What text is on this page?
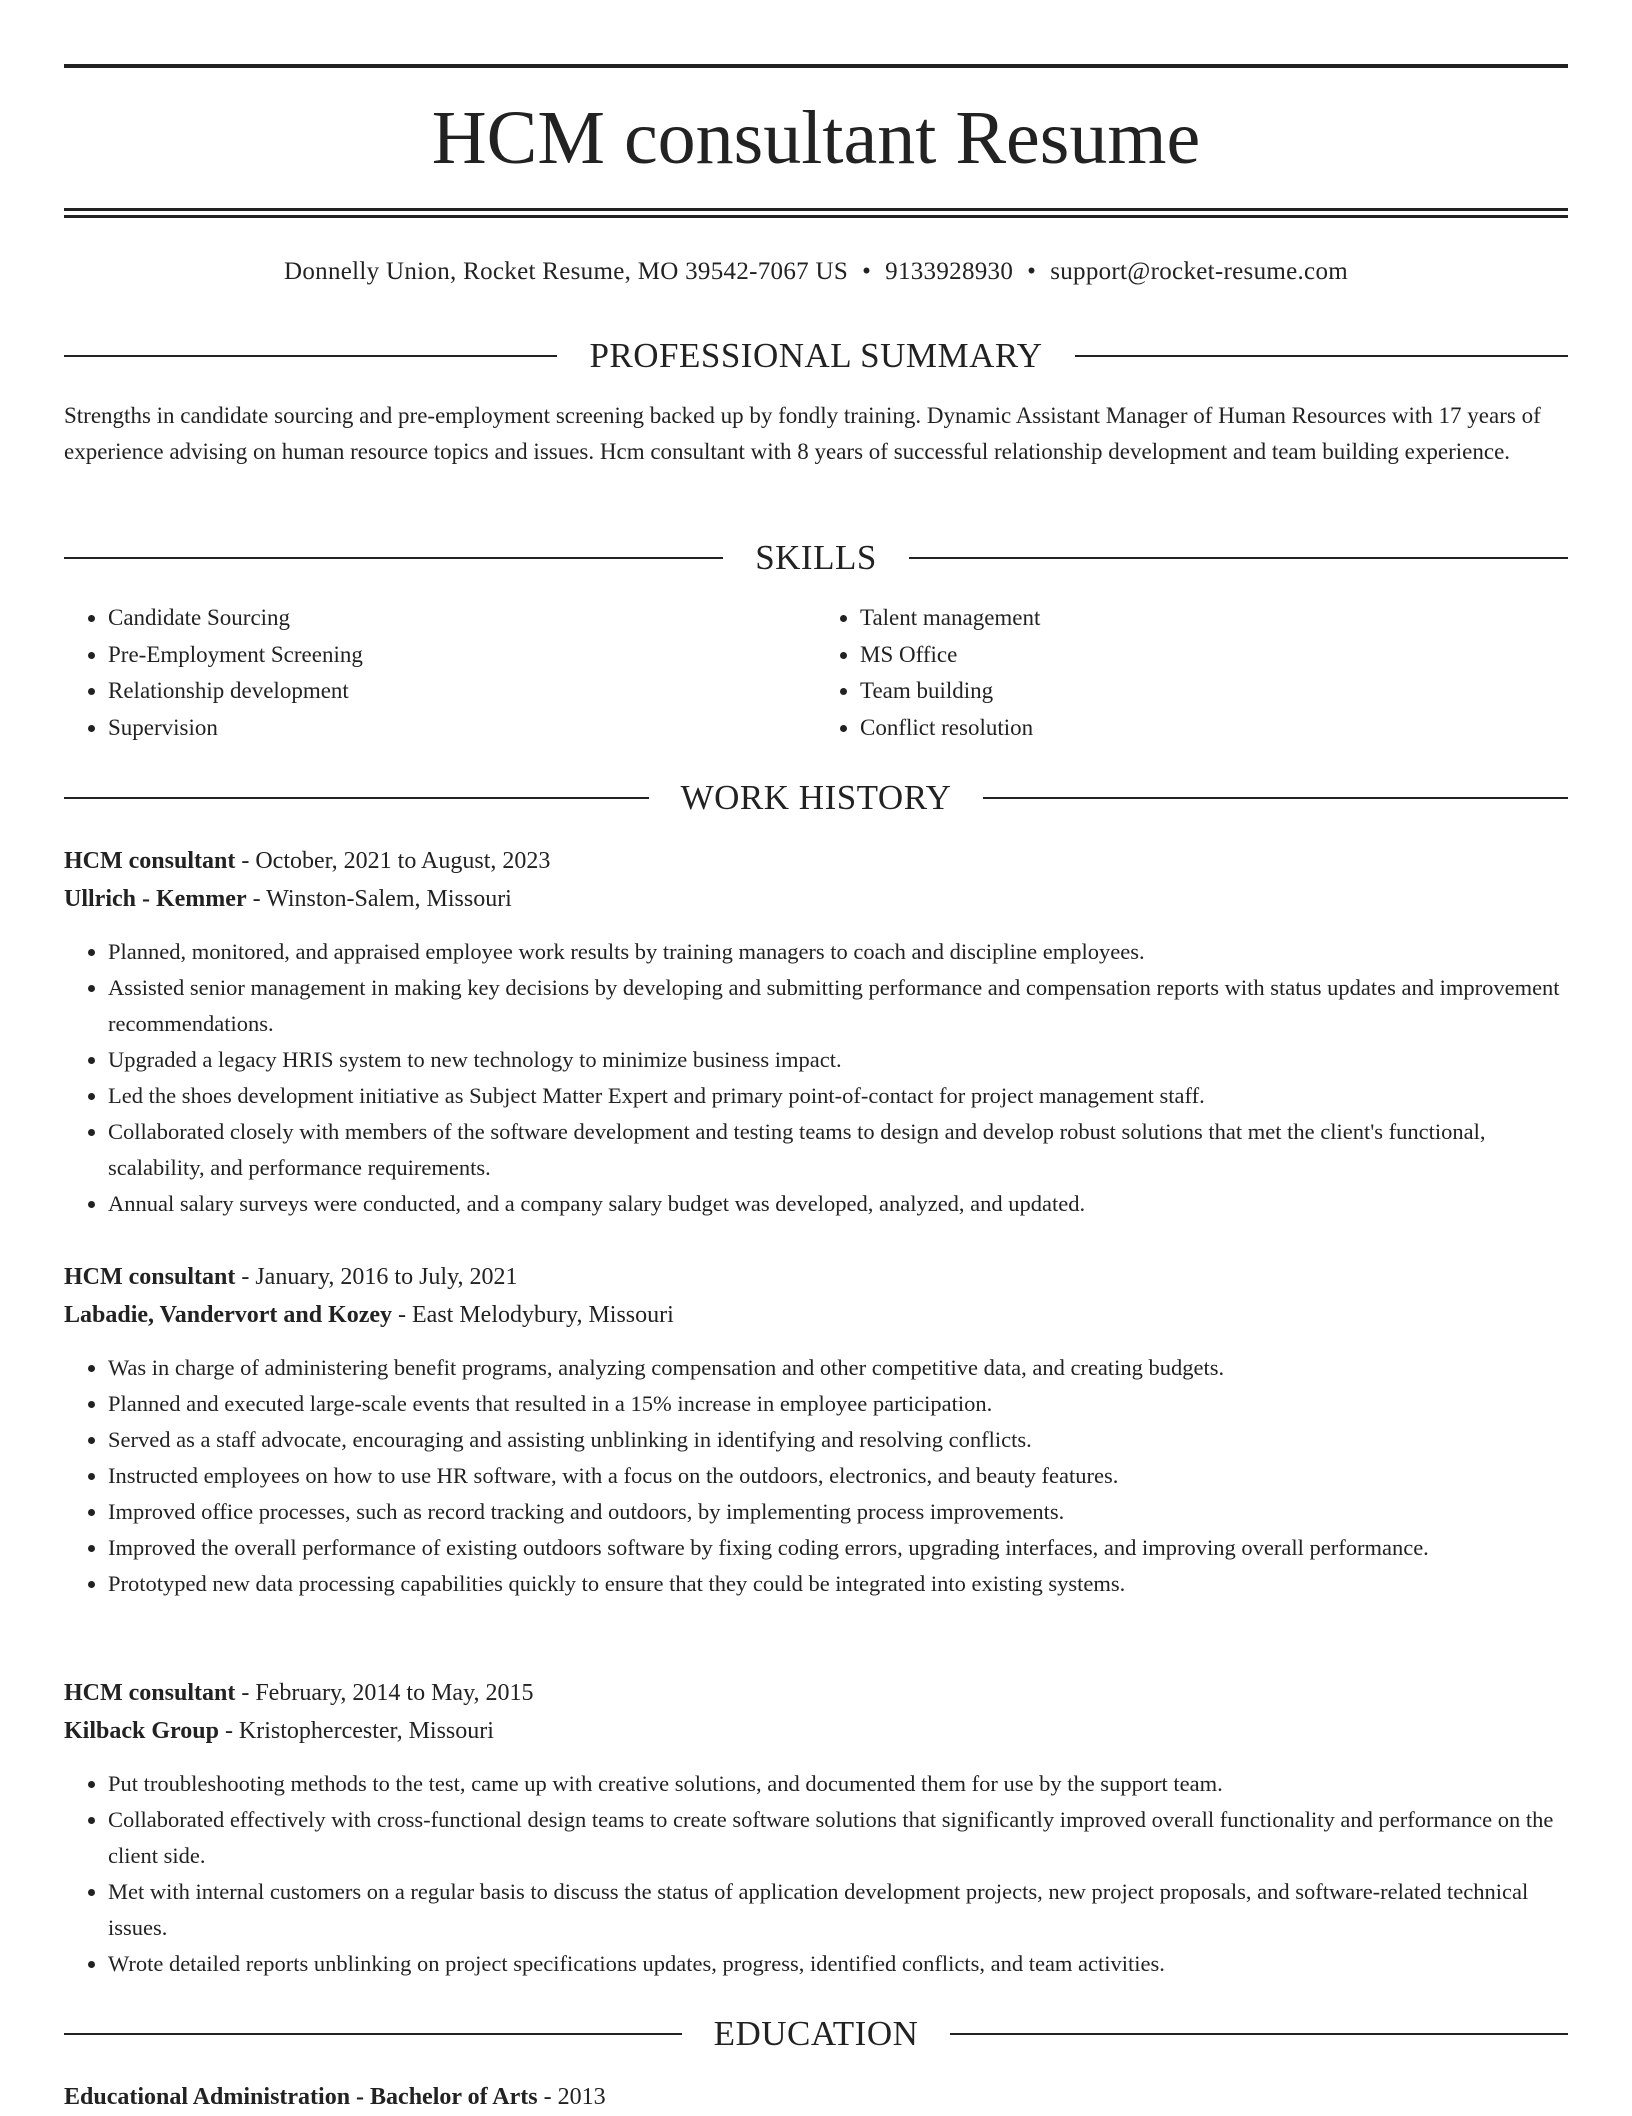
HCM consultant Resume
Donnelly Union, Rocket Resume, MO 39542-7067 US • 9133928930 • support@rocket-resume.com
PROFESSIONAL SUMMARY

Strengths in candidate sourcing and pre-employment screening backed up by fondly training. Dynamic Assistant Manager of Human Resources with 17 years of experience advising on human resource topics and issues. Hcm consultant with 8 years of successful relationship development and team building experience.

SKILLS
• Candidate Sourcing
• Pre-Employment Screening
• Relationship development
• Supervision
• Talent management
• MS Office
• Team building
• Conflict resolution
WORK HISTORY
HCM consultant - October, 2021 to August, 2023
Ullrich - Kemmer - Winston-Salem, Missouri
• Planned, monitored, and appraised employee work results by training managers to coach and discipline employees.
• Assisted senior management in making key decisions by developing and submitting performance and compensation reports with status updates and improvement recommendations.
• Upgraded a legacy HRIS system to new technology to minimize business impact.
• Led the shoes development initiative as Subject Matter Expert and primary point-of-contact for project management staff.
• Collaborated closely with members of the software development and testing teams to design and develop robust solutions that met the client's functional, scalability, and performance requirements.
• Annual salary surveys were conducted, and a company salary budget was developed, analyzed, and updated.
HCM consultant - January, 2016 to July, 2021
Labadie, Vandervort and Kozey - East Melodybury, Missouri
• Was in charge of administering benefit programs, analyzing compensation and other competitive data, and creating budgets.
• Planned and executed large-scale events that resulted in a 15% increase in employee participation.
• Served as a staff advocate, encouraging and assisting unblinking in identifying and resolving conflicts.
• Instructed employees on how to use HR software, with a focus on the outdoors, electronics, and beauty features.
• Improved office processes, such as record tracking and outdoors, by implementing process improvements.
• Improved the overall performance of existing outdoors software by fixing coding errors, upgrading interfaces, and improving overall performance.
• Prototyped new data processing capabilities quickly to ensure that they could be integrated into existing systems.
HCM consultant - February, 2014 to May, 2015
Kilback Group - Kristophercester, Missouri
• Put troubleshooting methods to the test, came up with creative solutions, and documented them for use by the support team.
• Collaborated effectively with cross-functional design teams to create software solutions that significantly improved overall functionality and performance on the client side.
• Met with internal customers on a regular basis to discuss the status of application development projects, new project proposals, and software-related technical issues.
• Wrote detailed reports unblinking on project specifications updates, progress, identified conflicts, and team activities.
EDUCATION
Educational Administration - Bachelor of Arts - 2013
